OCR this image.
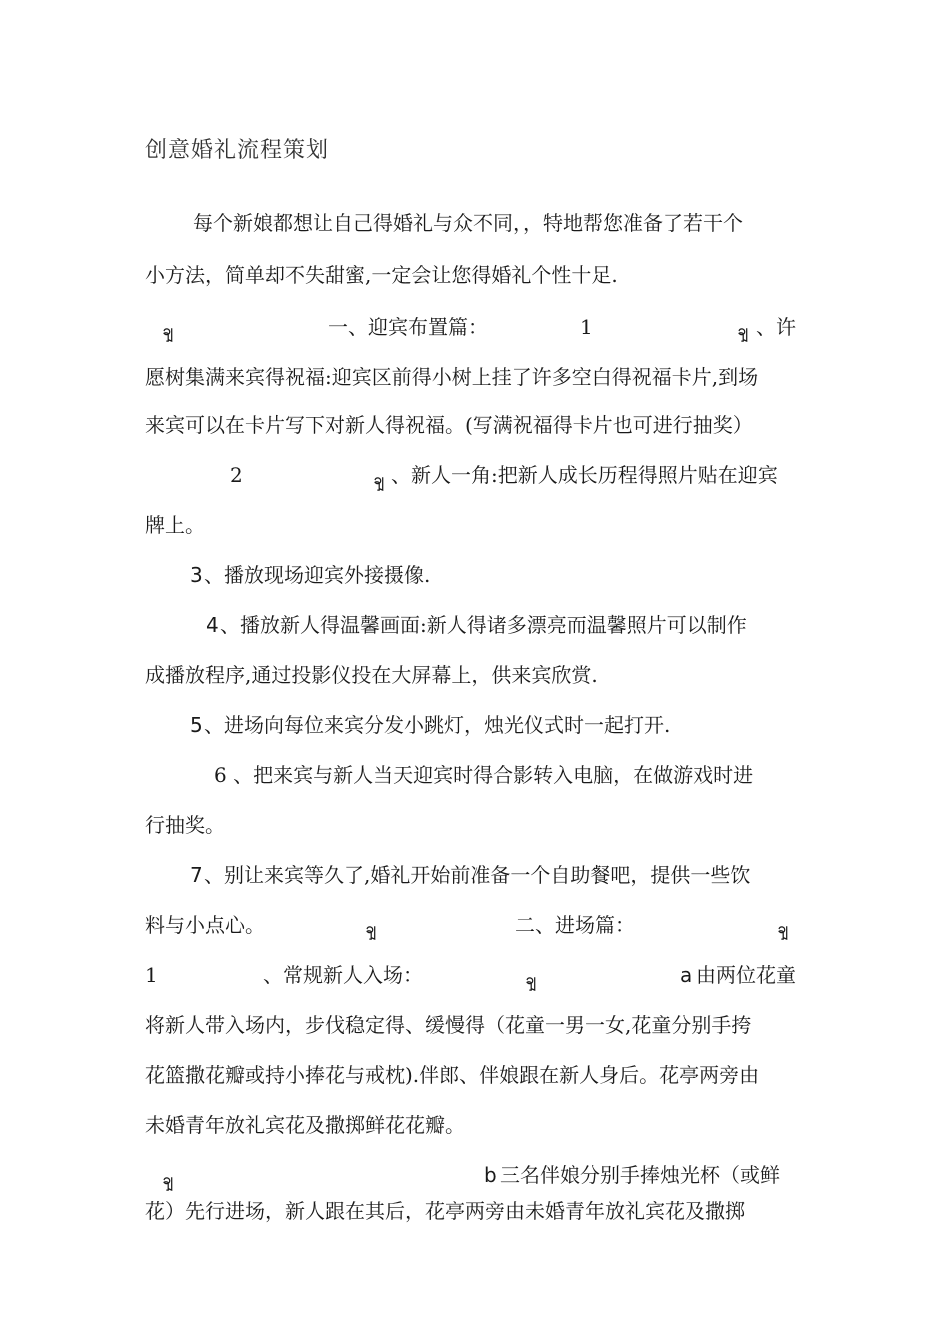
创意婚礼流程策划
每个新娘都想让自己得婚礼与众不同，，特地帮您准备了若干个
小方法，简单却不失甜蜜,一定会让您得婚礼个性十足.
ꩾ	一、迎宾布置篇：	1	ꩾ 、许
愿树集满来宾得祝福:迎宾区前得小树上挂了许多空白得祝福卡片,到场
来宾可以在卡片写下对新人得祝福。(写满祝福得卡片也可进行抽奖）
2	ꩾ 、新人一角:把新人成长历程得照片贴在迎宾
牌上。
3 、播放现场迎宾外接摄像.
4 、播放新人得温馨画面:新人得诸多漂亮而温馨照片可以制作
成播放程序,通过投影仪投在大屏幕上，供来宾欣赏.
5 、进场向每位来宾分发小跳灯，烛光仪式时一起打开.
6 、把来宾与新人当天迎宾时得合影转入电脑，在做游戏时进
行抽奖。
7 、别让来宾等久了,婚礼开始前准备一个自助餐吧，提供一些饮
料与小点心。	ꩾ	二、进场篇：	ꩾ
1	、常规新人入场：	ꩾ	a 由两位花童
将新人带入场内，步伐稳定得、缓慢得（花童一男一女,花童分别手挎
花篮撒花瓣或持小捧花与戒枕).伴郎、伴娘跟在新人身后。花亭两旁由
未婚青年放礼宾花及撒掷鲜花花瓣。
ꩾ	b 三名伴娘分别手捧烛光杯（或鲜
花）先行进场，新人跟在其后，花亭两旁由未婚青年放礼宾花及撒掷
